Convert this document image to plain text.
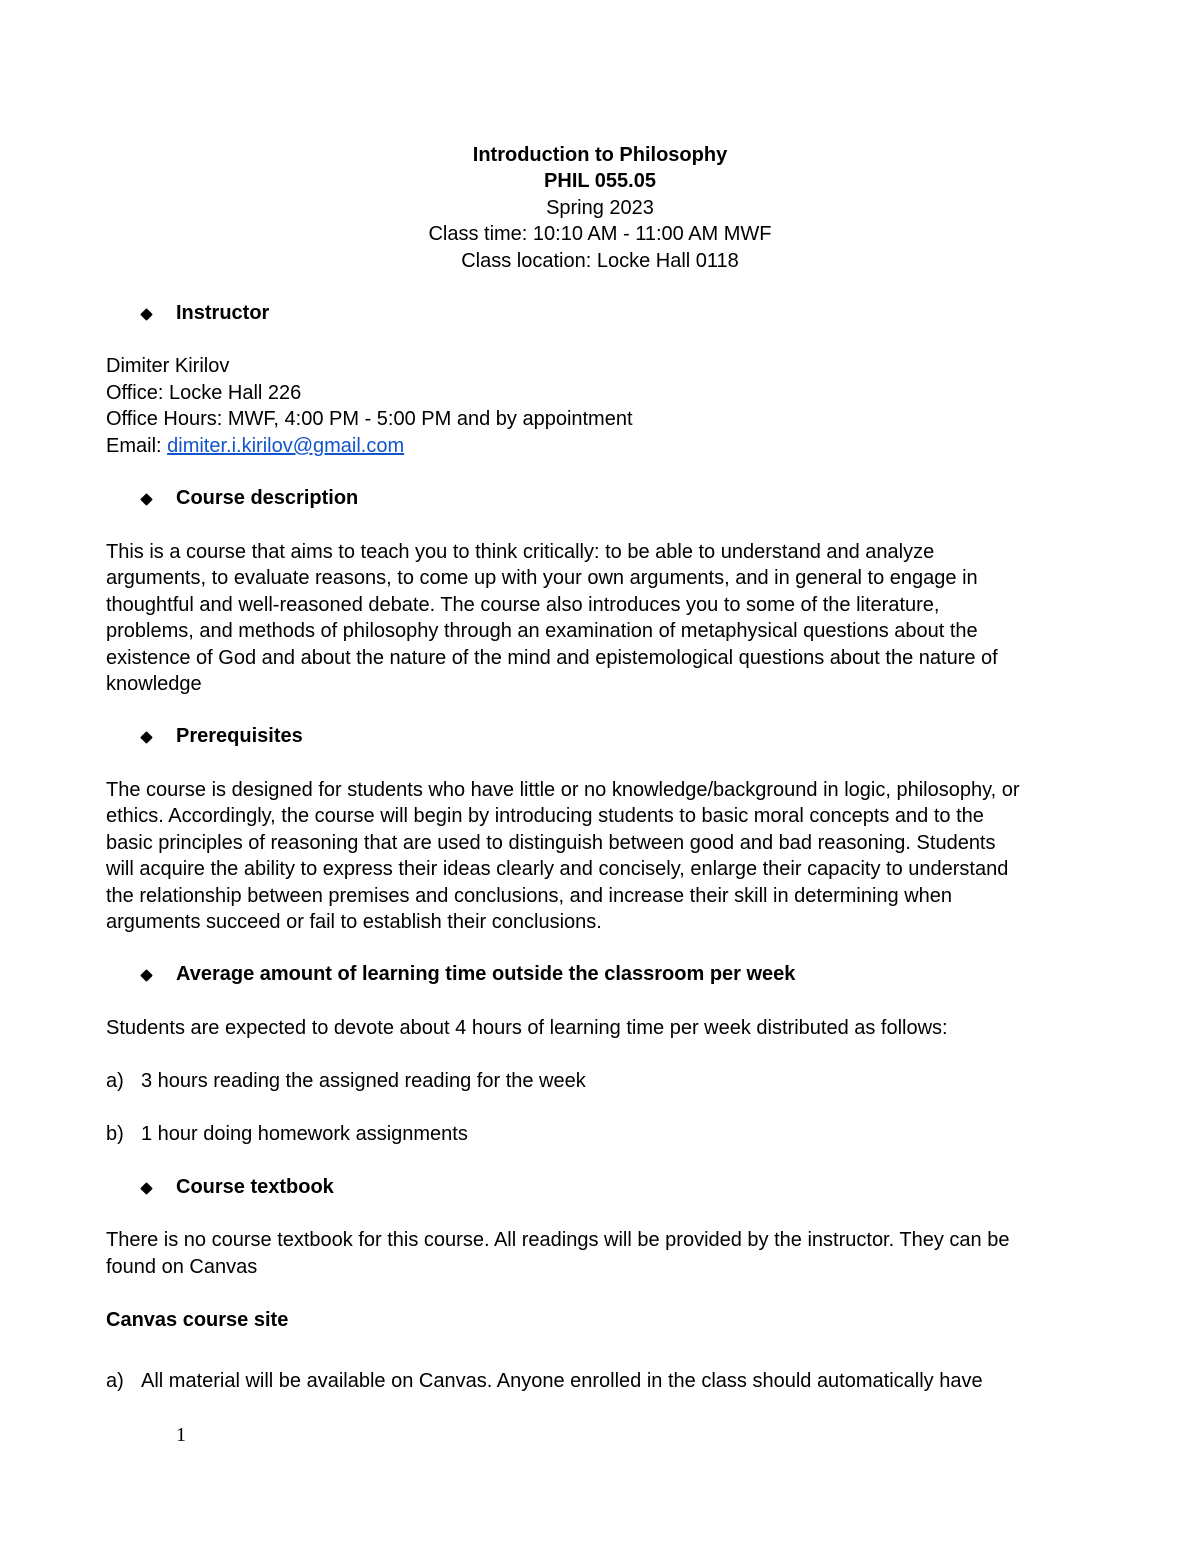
Introduction to Philosophy
PHIL 055.05
Spring 2023
Class time: 10:10 AM - 11:00 AM MWF
Class location: Locke Hall 0118
Instructor
Dimiter Kirilov
Office: Locke Hall 226
Office Hours: MWF, 4:00 PM - 5:00 PM and by appointment
Email: dimiter.i.kirilov@gmail.com
Course description
This is a course that aims to teach you to think critically: to be able to understand and analyze
arguments, to evaluate reasons, to come up with your own arguments, and in general to engage in
thoughtful and well-reasoned debate. The course also introduces you to some of the literature,
problems, and methods of philosophy through an examination of metaphysical questions about the
existence of God and about the nature of the mind and epistemological questions about the nature of
knowledge
Prerequisites
The course is designed for students who have little or no knowledge/background in logic, philosophy, or
ethics. Accordingly, the course will begin by introducing students to basic moral concepts and to the
basic principles of reasoning that are used to distinguish between good and bad reasoning. Students
will acquire the ability to express their ideas clearly and concisely, enlarge their capacity to understand
the relationship between premises and conclusions, and increase their skill in determining when
arguments succeed or fail to establish their conclusions.
Average amount of learning time outside the classroom per week
Students are expected to devote about 4 hours of learning time per week distributed as follows:
a) 3 hours reading the assigned reading for the week
b) 1 hour doing homework assignments
Course textbook
There is no course textbook for this course. All readings will be provided by the instructor. They can be
found on Canvas
Canvas course site
a) All material will be available on Canvas. Anyone enrolled in the class should automatically have
1
